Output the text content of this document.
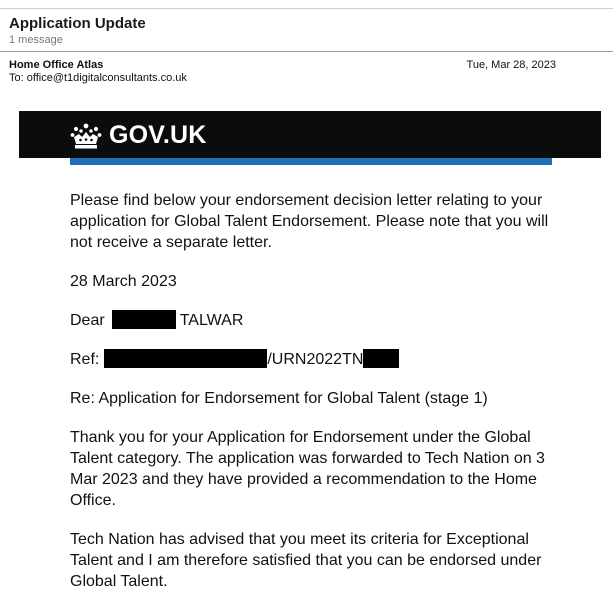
Application Update
1 message
Home Office Atlas	Tue, Mar 28, 2023
To: office@t1digitalconsultants.co.uk
GOV.UK

Please find below your endorsement decision letter relating to your application for Global Talent Endorsement. Please note that you will not receive a separate letter.

28 March 2023

Dear	TALWAR

Ref:	/URN2022TN

Re: Application for Endorsement for Global Talent (stage 1)

Thank you for your Application for Endorsement under the Global Talent category. The application was forwarded to Tech Nation on 3 Mar 2023 and they have provided a recommendation to the Home Office.

Tech Nation has advised that you meet its criteria for Exceptional Talent and I am therefore satisfied that you can be endorsed under Global Talent.
